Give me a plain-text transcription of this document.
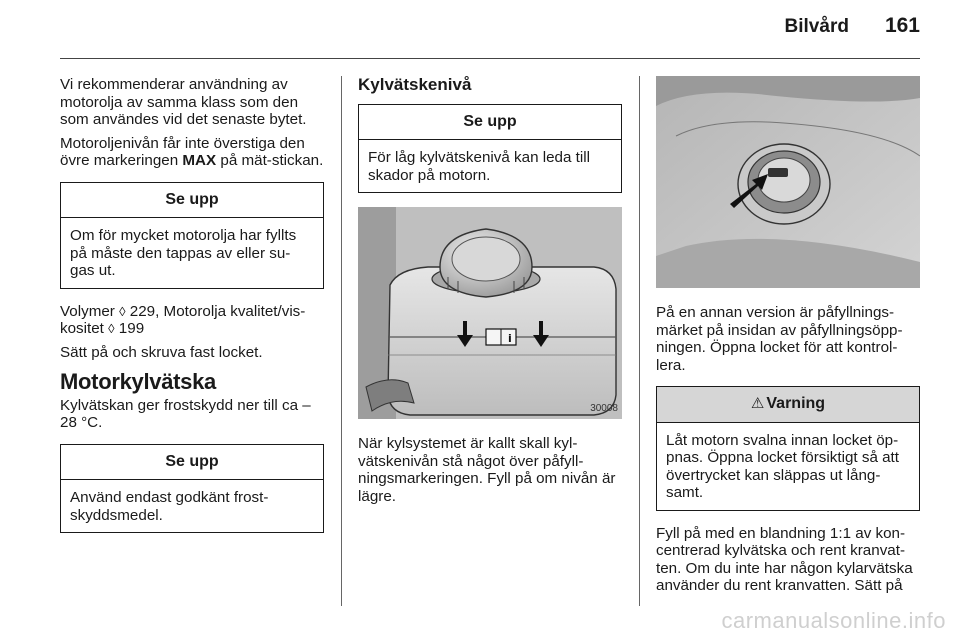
Bilvård 161

Vi rekommenderar användning av motorolja av samma klass som den som användes vid det senaste bytet.

Motoroljenivån får inte överstiga den övre markeringen MAX på mät-stickan.

Se upp
Om för mycket motorolja har fyllts på måste den tappas av eller su-gas ut.

Volymer ◊ 229, Motorolja kvalitet/vis-kositet ◊ 199

Sätt på och skruva fast locket.

Motorkylvätska

Kylvätskan ger frostskydd ner till ca –28 °C.

Se upp
Använd endast godkänt frost-skyddsmedel.
Kylvätskenivå
Se upp
För låg kylvätskenivå kan leda till skador på motorn.
i
30008

När kylsystemet är kallt skall kyl-vätskenivån stå något över påfyll-ningsmarkeringen. Fyll på om nivån är lägre.

På en annan version är påfyllnings-märket på insidan av påfyllningsöpp-ningen. Öppna locket för att kontrol-lera.

⚠ Varning
Låt motorn svalna innan locket öp-pnas. Öppna locket försiktigt så att övertrycket kan släppas ut lång-samt.

Fyll på med en blandning 1:1 av kon-centrerad kylvätska och rent kranvat-ten. Om du inte har någon kylarvätska använder du rent kranvatten. Sätt på

carmanualsonline.info
